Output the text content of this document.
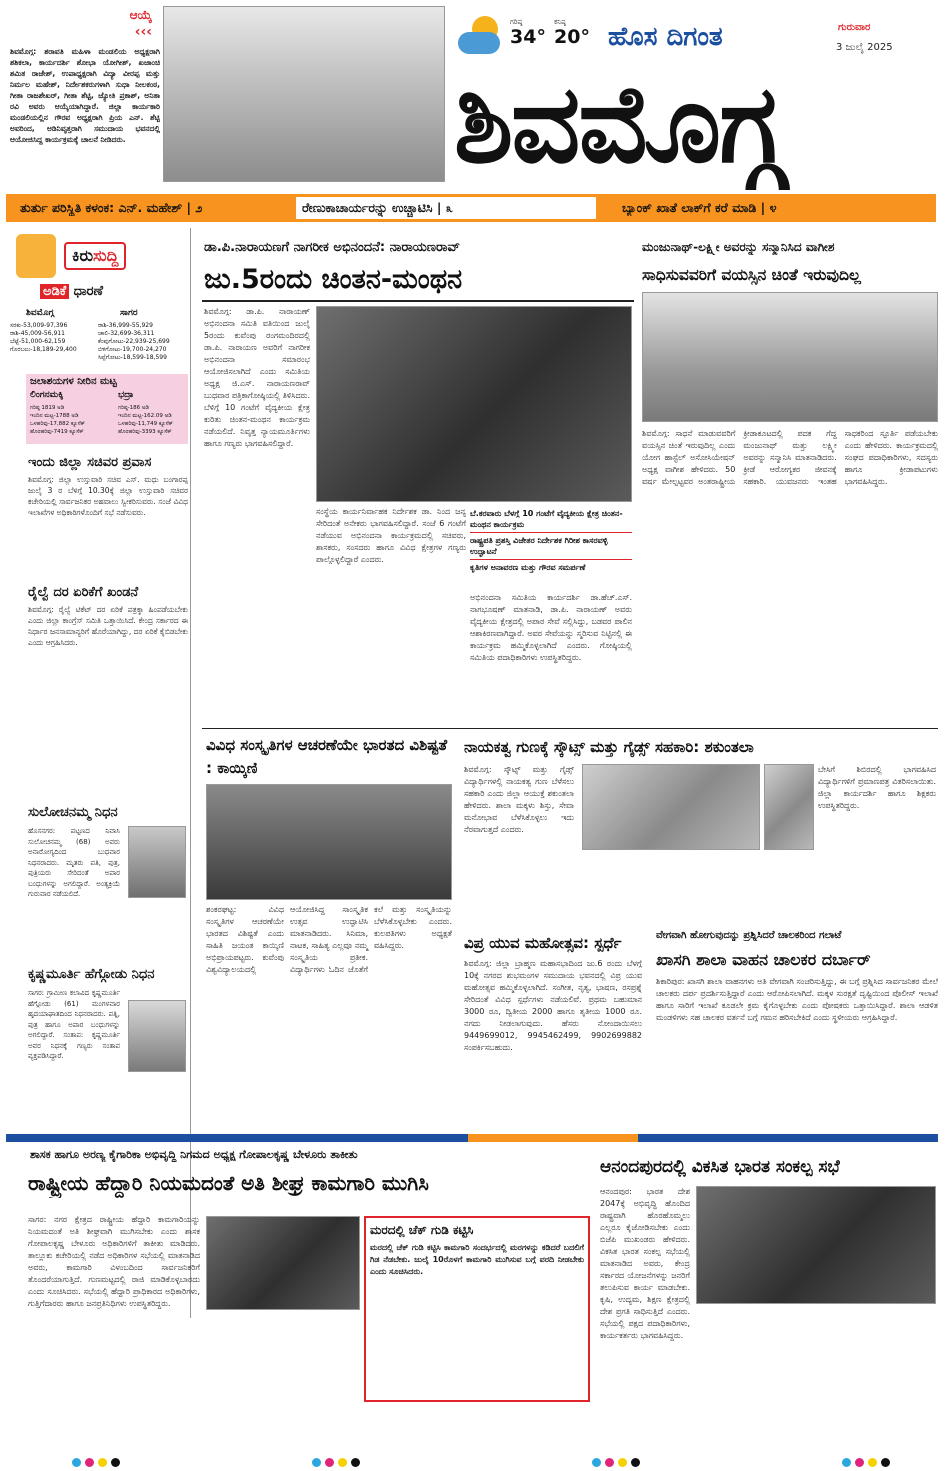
ಆಯ್ಕೆ
‹‹‹
ಶಿವಮೊಗ್ಗ: ಶರಾವತಿ ಮಹಿಳಾ ಮಂಡಲಿಯ ಅಧ್ಯಕ್ಷರಾಗಿ ಶಶಿಕಲಾ, ಕಾರ್ಯದರ್ಶಿ ಶೋಭಾ ಯೋಗೀಶ್, ಖಜಾಂಚಿ ಶಮಿತ ರಾಜೇಶ್, ಉಪಾಧ್ಯಕ್ಷರಾಗಿ ವಿದ್ಯಾ ವೀರಪ್ಪ ಮತ್ತು ನಿರ್ಮಲ ಮಹೇಶ್, ನಿರ್ದೇಶಕರುಗಳಾಗಿ ಸುಧಾ ನೀಲಕಂಠ, ಗೀತಾ ರಾಜಶೇಖರ್, ಗೀತಾ ಶೆಟ್ಟಿ, ಜ್ಯೋತಿ ಪ್ರಕಾಶ್, ಅನಿತಾ ರವಿ ಅವರು ಆಯ್ಕೆಯಾಗಿದ್ದಾರೆ. ಜಿಲ್ಲಾ ಕಾರ್ಯಕಾರಿ ಮಂಡಲಿಯಲ್ಲಿನ ಗೌರವ ಅಧ್ಯಕ್ಷರಾಗಿ ಪ್ರಿಯ ಎನ್. ಶೆಟ್ಟಿ ಅವರಿಂದ, ಅಡಿನಿವೃತ್ತರಾಗಿ ಸಮುದಾಯ ಭವನದಲ್ಲಿ ಆಯೋಜಿಸಿದ್ದ ಕಾರ್ಯಕ್ರಮಕ್ಕೆ ಚಾಲನೆ ನೀಡಿದರು.
ಗರಿಷ್ಠ
34°
ಕನಿಷ್ಠ
20° ಹೊಸ ದಿಗಂತ	ಗುರುವಾರ
3 ಜುಲೈ 2025
ಶಿವಮೊಗ್ಗ
ತುರ್ತು ಪರಿಸ್ಥಿತಿ ಕಳಂಕ: ಎನ್. ಮಹೇಶ್ | ೨	ರೇಣುಕಾಚಾರ್ಯರನ್ನು ಉಚ್ಚಾಟಿಸಿ | ೩	ಬ್ಯಾಂಕ್ ಖಾತೆ ಲಾಕ್‌ಗೆ ಕರೆ ಮಾಡಿ | ೪
ಕಿರುಸುದ್ದಿ
ಅಡಿಕೆ ಧಾರಣೆ
ಶಿವಮೊಗ್ಗ	ಸಾಗರ
ಸರಕು-53,009-97,396
ರಾಶಿ-45,009-56,911
ಬೆಟ್ಟೆ-51,000-62,159
ಗೊರಬಲು-18,189-29,400
ರಾಶಿ-36,999-55,929
ಚಾಲಿ-32,699-36,311
ಕೆಂಪುಗೋಟು-22,939-25,699
ಬಿಳಿಗೋಟು-19,700-24,270
ಸಿಪ್ಪೆಗೋಟು-18,599-18,599
ಜಲಾಶಯಗಳ ನೀರಿನ ಮಟ್ಟ
ಲಿಂಗನಮಕ್ಕಿ	ಭದ್ರಾ
ಗರಿಷ್ಠ 1819 ಅಡಿ
ಇಂದಿನ ಮಟ್ಟ-1788 ಅಡಿ
ಒಳಹರಿವು-17,882 ಕ್ಯೂಸೆಕ್
ಹೊರಹರಿವು-7419 ಕ್ಯೂಸೆಕ್
ಗರಿಷ್ಠ-186 ಅಡಿ
ಇಂದಿನ ಮಟ್ಟ-162.09 ಅಡಿ
ಒಳಹರಿವು-11,749 ಕ್ಯೂಸೆಕ್
ಹೊರಹರಿವು-3393 ಕ್ಯೂಸೆಕ್
ಇಂದು ಜಿಲ್ಲಾ ಸಚಿವರ ಪ್ರವಾಸ
ಶಿವಮೊಗ್ಗ: ಜಿಲ್ಲಾ ಉಸ್ತುವಾರಿ ಸಚಿವ ಎಸ್. ಮಧು ಬಂಗಾರಪ್ಪ ಜುಲೈ 3 ರ ಬೆಳಿಗ್ಗೆ 10.30ಕ್ಕೆ ಜಿಲ್ಲಾ ಉಸ್ತುವಾರಿ ಸಚಿವರ ಕಚೇರಿಯಲ್ಲಿ ಸಾರ್ವಜನಿಕರ ಅಹವಾಲು ಸ್ವೀಕರಿಸುವರು. ಸಂಜೆ ವಿವಿಧ ಇಲಾಖೆಗಳ ಅಧಿಕಾರಿಗಳೊಂದಿಗೆ ಸಭೆ ನಡೆಸುವರು.
ರೈಲ್ವೆ ದರ ಏರಿಕೆಗೆ ಖಂಡನೆ
ಶಿವಮೊಗ್ಗ: ರೈಲ್ವೆ ಟಿಕೆಟ್ ದರ ಏರಿಕೆ ಪತ್ರಕ್ಕಾ ಹಿಂಪಡೆಯಬೇಕು ಎಂದು ಜಿಲ್ಲಾ ಕಾಂಗ್ರೆಸ್ ಸಮಿತಿ ಒತ್ತಾಯಿಸಿದೆ. ಕೇಂದ್ರ ಸರ್ಕಾರದ ಈ ನಿರ್ಧಾರ ಜನಸಾಮಾನ್ಯರಿಗೆ ಹೊರೆಯಾಗಿದ್ದು, ದರ ಏರಿಕೆ ಕೈಬಿಡಬೇಕು ಎಂದು ಆಗ್ರಹಿಸಿದರು.
ಸುಲೋಚನಮ್ಮ ನಿಧನ
ಹೊಸನಗರ: ಪಟ್ಟಣದ ನಿವಾಸಿ ಸುಲೋಚನಮ್ಮ (68) ಅವರು ಅನಾರೋಗ್ಯದಿಂದ ಬುಧವಾರ ನಿಧನರಾದರು. ಮೃತರು ಪತಿ, ಪುತ್ರ, ಪುತ್ರಿಯರು ಸೇರಿದಂತೆ ಅಪಾರ ಬಂಧುಗಳನ್ನು ಅಗಲಿದ್ದಾರೆ. ಅಂತ್ಯಕ್ರಿಯೆ ಗುರುವಾರ ನಡೆಯಲಿದೆ.
ಕೃಷ್ಣಮೂರ್ತಿ ಹೆಗ್ಗೋಡು ನಿಧನ
ಸಾಗರ: ಗ್ರಾಮೀಣ ಕಲಾವಿದ ಕೃಷ್ಣಮೂರ್ತಿ ಹೆಗ್ಗೋಡು (61) ಮಂಗಳವಾರ ಹೃದಯಾಘಾತದಿಂದ ನಿಧನರಾದರು. ಪತ್ನಿ, ಪುತ್ರ ಹಾಗೂ ಅಪಾರ ಬಂಧುಗಳನ್ನು ಅಗಲಿದ್ದಾರೆ. ಸಂತಾಪ: ಕೃಷ್ಣಮೂರ್ತಿ ಅವರ ನಿಧನಕ್ಕೆ ಗಣ್ಯರು ಸಂತಾಪ ವ್ಯಕ್ತಪಡಿಸಿದ್ದಾರೆ.
ಡಾ.ಪಿ.ನಾರಾಯಣಗೆ ನಾಗರೀಕ ಅಭಿನಂದನೆ: ನಾರಾಯಣರಾವ್
ಜು.5ರಂದು ಚಿಂತನ-ಮಂಥನ
ಶಿವಮೊಗ್ಗ: ಡಾ.ಪಿ. ನಾರಾಯಣ್ ಅಭಿನಂದನಾ ಸಮಿತಿ ವತಿಯಿಂದ ಜುಲೈ 5ರಂದು ಕುವೆಂಪು ರಂಗಮಂದಿರದಲ್ಲಿ ಡಾ.ಪಿ. ನಾರಾಯಣ ಅವರಿಗೆ ನಾಗರೀಕ ಅಭಿನಂದನಾ ಸಮಾರಂಭ ಆಯೋಜಿಸಲಾಗಿದೆ ಎಂದು ಸಮಿತಿಯ ಅಧ್ಯಕ್ಷ ಜಿ.ಎಸ್. ನಾರಾಯಣರಾವ್ ಬುಧವಾರ ಪತ್ರಿಕಾಗೋಷ್ಠಿಯಲ್ಲಿ ತಿಳಿಸಿದರು. ಬೆಳಿಗ್ಗೆ 10 ಗಂಟೆಗೆ ವೈದ್ಯಕೀಯ ಕ್ಷೇತ್ರ ಕುರಿತು ಚಿಂತನ-ಮಂಥನ ಕಾರ್ಯಕ್ರಮ ನಡೆಯಲಿದೆ. ನಿವೃತ್ತ ನ್ಯಾಯಮೂರ್ತಿಗಳು ಹಾಗೂ ಗಣ್ಯರು ಭಾಗವಹಿಸಲಿದ್ದಾರೆ.
ಸಂಸ್ಥೆಯ ಕಾರ್ಯನಿರ್ವಾಹಕ ನಿರ್ದೇಶಕ ಡಾ. ನಿಂದ ಜನ್ಯ ಸೇರಿದಂತೆ ಅನೇಕರು ಭಾಗವಹಿಸಲಿದ್ದಾರೆ. ಸಂಜೆ 6 ಗಂಟೆಗೆ ನಡೆಯುವ ಅಭಿನಂದನಾ ಕಾರ್ಯಕ್ರಮದಲ್ಲಿ ಸಚಿವರು, ಶಾಸಕರು, ಸಂಸದರು ಹಾಗೂ ವಿವಿಧ ಕ್ಷೇತ್ರಗಳ ಗಣ್ಯರು ಪಾಲ್ಗೊಳ್ಳಲಿದ್ದಾರೆ ಎಂದರು.
ಬೆ.ಕರವಾರು ಬೆಳಗ್ಗೆ 10 ಗಂಟೆಗೆ ವೈದ್ಯಕೀಯ ಕ್ಷೇತ್ರ ಚಿಂತನ-ಮಂಥನ ಕಾರ್ಯಕ್ರಮ
ರಾಷ್ಟ್ರಪತಿ ಪ್ರಶಸ್ತಿ ವಿಜೇತರ ನಿರ್ದೇಶಕ ಗಿರೀಶ ಕಾಸರವಳ್ಳಿ ಉದ್ಘಾಟನೆ
ಕೃತಿಗಳ ಅನಾವರಣ ಮತ್ತು ಗೌರವ ಸಮರ್ಪಣೆ
ಅಭಿನಂದನಾ ಸಮಿತಿಯ ಕಾರ್ಯದರ್ಶಿ ಡಾ.ಹೆಚ್.ಎಸ್. ನಾಗಭೂಷಣ್ ಮಾತನಾಡಿ, ಡಾ.ಪಿ. ನಾರಾಯಣ್ ಅವರು ವೈದ್ಯಕೀಯ ಕ್ಷೇತ್ರದಲ್ಲಿ ಅಪಾರ ಸೇವೆ ಸಲ್ಲಿಸಿದ್ದು, ಬಡವರ ಪಾಲಿನ ಆಶಾಕಿರಣವಾಗಿದ್ದಾರೆ. ಅವರ ಸೇವೆಯನ್ನು ಸ್ಮರಿಸುವ ನಿಟ್ಟಿನಲ್ಲಿ ಈ ಕಾರ್ಯಕ್ರಮ ಹಮ್ಮಿಕೊಳ್ಳಲಾಗಿದೆ ಎಂದರು. ಗೋಷ್ಠಿಯಲ್ಲಿ ಸಮಿತಿಯ ಪದಾಧಿಕಾರಿಗಳು ಉಪಸ್ಥಿತರಿದ್ದರು.
ಮಂಜುನಾಥ್-ಲಕ್ಷ್ಮೀ ಅವರನ್ನು ಸನ್ಮಾನಿಸಿದ ವಾಗೀಶ
ಸಾಧಿಸುವವರಿಗೆ ವಯಸ್ಸಿನ ಚಿಂತೆ ಇರುವುದಿಲ್ಲ
ಶಿವಮೊಗ್ಗ: ಸಾಧನೆ ಮಾಡುವವರಿಗೆ ವಯಸ್ಸಿನ ಚಿಂತೆ ಇರುವುದಿಲ್ಲ ಎಂದು ಯೋಗ ಹಾಸ್ಟೆಲ್ ಅಸೋಸಿಯೇಷನ್ ಅಧ್ಯಕ್ಷ ವಾಗೀಶ ಹೇಳಿದರು. 50 ವರ್ಷ ಮೇಲ್ಪಟ್ಟವರ ಅಂತರಾಷ್ಟ್ರೀಯ ಕ್ರೀಡಾಕೂಟದಲ್ಲಿ ಪದಕ ಗೆದ್ದ ಮಂಜುನಾಥ್ ಮತ್ತು ಲಕ್ಷ್ಮೀ ಅವರನ್ನು ಸನ್ಮಾನಿಸಿ ಮಾತನಾಡಿದರು. ಕ್ರೀಡೆ ಆರೋಗ್ಯಕರ ಜೀವನಕ್ಕೆ ಸಹಕಾರಿ. ಯುವಜನರು ಇಂತಹ ಸಾಧಕರಿಂದ ಸ್ಫೂರ್ತಿ ಪಡೆಯಬೇಕು ಎಂದು ಹೇಳಿದರು. ಕಾರ್ಯಕ್ರಮದಲ್ಲಿ ಸಂಘದ ಪದಾಧಿಕಾರಿಗಳು, ಸದಸ್ಯರು ಹಾಗೂ ಕ್ರೀಡಾಪಟುಗಳು ಭಾಗವಹಿಸಿದ್ದರು.
ವಿವಿಧ ಸಂಸ್ಕೃತಿಗಳ ಆಚರಣೆಯೇ ಭಾರತದ ವಿಶಿಷ್ಟತೆ : ಕಾಯ್ಕಿಣಿ
ಶಂಕರಘಟ್ಟ: ವಿವಿಧ ಸಂಸ್ಕೃತಿಗಳ ಆಚರಣೆಯೇ ಭಾರತದ ವಿಶಿಷ್ಟತೆ ಎಂದು ಸಾಹಿತಿ ಜಯಂತ ಕಾಯ್ಕಿಣಿ ಅಭಿಪ್ರಾಯಪಟ್ಟರು. ಕುವೆಂಪು ವಿಶ್ವವಿದ್ಯಾಲಯದಲ್ಲಿ ಆಯೋಜಿಸಿದ್ದ ಸಾಂಸ್ಕೃತಿಕ ಉತ್ಸವ ಉದ್ಘಾಟಿಸಿ ಮಾತನಾಡಿದರು. ಸಿನಿಮಾ, ನಾಟಕ, ಸಾಹಿತ್ಯ ಎಲ್ಲವೂ ನಮ್ಮ ಸಂಸ್ಕೃತಿಯ ಪ್ರತೀಕ. ವಿದ್ಯಾರ್ಥಿಗಳು ಓದಿನ ಜೊತೆಗೆ ಕಲೆ ಮತ್ತು ಸಂಸ್ಕೃತಿಯನ್ನು ಬೆಳೆಸಿಕೊಳ್ಳಬೇಕು ಎಂದರು. ಕುಲಪತಿಗಳು ಅಧ್ಯಕ್ಷತೆ ವಹಿಸಿದ್ದರು.
ನಾಯಕತ್ವ ಗುಣಕ್ಕೆ ಸ್ಕೌಟ್ಸ್ ಮತ್ತು ಗೈಡ್ಸ್ ಸಹಕಾರಿ: ಶಕುಂತಲಾ
ಶಿವಮೊಗ್ಗ: ಸ್ಕೌಟ್ಸ್ ಮತ್ತು ಗೈಡ್ಸ್ ವಿದ್ಯಾರ್ಥಿಗಳಲ್ಲಿ ನಾಯಕತ್ವ ಗುಣ ಬೆಳೆಸಲು ಸಹಕಾರಿ ಎಂದು ಜಿಲ್ಲಾ ಆಯುಕ್ತೆ ಶಕುಂತಲಾ ಹೇಳಿದರು. ಶಾಲಾ ಮಕ್ಕಳು ಶಿಸ್ತು, ಸೇವಾ ಮನೋಭಾವ ಬೆಳೆಸಿಕೊಳ್ಳಲು ಇದು ನೆರವಾಗುತ್ತದೆ ಎಂದರು.
ಬೇಸಿಗೆ ಶಿಬಿರದಲ್ಲಿ ಭಾಗವಹಿಸಿದ ವಿದ್ಯಾರ್ಥಿಗಳಿಗೆ ಪ್ರಮಾಣಪತ್ರ ವಿತರಿಸಲಾಯಿತು. ಜಿಲ್ಲಾ ಕಾರ್ಯದರ್ಶಿ ಹಾಗೂ ಶಿಕ್ಷಕರು ಉಪಸ್ಥಿತರಿದ್ದರು.
ವಿಪ್ರ ಯುವ ಮಹೋತ್ಸವ: ಸ್ಪರ್ಧೆ
ಶಿವಮೊಗ್ಗ: ಜಿಲ್ಲಾ ಬ್ರಾಹ್ಮಣ ಮಹಾಸಭಾದಿಂದ ಜು.6 ರಂದು ಬೆಳಗ್ಗೆ 10ಕ್ಕೆ ನಗರದ ಶುಭಮಂಗಳ ಸಮುದಾಯ ಭವನದಲ್ಲಿ ವಿಪ್ರ ಯುವ ಮಹೋತ್ಸವ ಹಮ್ಮಿಕೊಳ್ಳಲಾಗಿದೆ. ಸಂಗೀತ, ನೃತ್ಯ, ಭಾಷಣ, ರಸಪ್ರಶ್ನೆ ಸೇರಿದಂತೆ ವಿವಿಧ ಸ್ಪರ್ಧೆಗಳು ನಡೆಯಲಿವೆ. ಪ್ರಥಮ ಬಹುಮಾನ 3000 ರೂ, ದ್ವಿತೀಯ 2000 ಹಾಗೂ ತೃತೀಯ 1000 ರೂ. ನಗದು ನೀಡಲಾಗುವುದು. ಹೆಸರು ನೋಂದಾಯಿಸಲು 9449699012, 9945462499, 9902699882 ಸಂಪರ್ಕಿಸಬಹುದು.
ವೇಗವಾಗಿ ಹೋಗುವುದನ್ನು ಪ್ರಶ್ನಿಸಿದರೆ ಚಾಲಕರಿಂದ ಗಲಾಟೆ
ಖಾಸಗಿ ಶಾಲಾ ವಾಹನ ಚಾಲಕರ ದರ್ಬಾರ್
ಶಿಕಾರಿಪುರ: ಖಾಸಗಿ ಶಾಲಾ ವಾಹನಗಳು ಅತಿ ವೇಗವಾಗಿ ಸಂಚರಿಸುತ್ತಿದ್ದು, ಈ ಬಗ್ಗೆ ಪ್ರಶ್ನಿಸಿದ ಸಾರ್ವಜನಿಕರ ಮೇಲೆ ಚಾಲಕರು ದರ್ಪ ಪ್ರದರ್ಶಿಸುತ್ತಿದ್ದಾರೆ ಎಂದು ಆರೋಪಿಸಲಾಗಿದೆ. ಮಕ್ಕಳ ಸುರಕ್ಷತೆ ದೃಷ್ಟಿಯಿಂದ ಪೊಲೀಸ್ ಇಲಾಖೆ ಹಾಗೂ ಸಾರಿಗೆ ಇಲಾಖೆ ಕೂಡಲೇ ಕ್ರಮ ಕೈಗೊಳ್ಳಬೇಕು ಎಂದು ಪೋಷಕರು ಒತ್ತಾಯಿಸಿದ್ದಾರೆ. ಶಾಲಾ ಆಡಳಿತ ಮಂಡಳಿಗಳು ಸಹ ಚಾಲಕರ ವರ್ತನೆ ಬಗ್ಗೆ ಗಮನ ಹರಿಸಬೇಕಿದೆ ಎಂದು ಸ್ಥಳೀಯರು ಆಗ್ರಹಿಸಿದ್ದಾರೆ.
ಶಾಸಕ ಹಾಗೂ ಅರಣ್ಯ ಕೈಗಾರಿಕಾ ಅಭಿವೃದ್ಧಿ ನಿಗಮದ ಅಧ್ಯಕ್ಷ ಗೋಪಾಲಕೃಷ್ಣ ಬೇಳೂರು ತಾಕೀತು
ರಾಷ್ಟ್ರೀಯ ಹೆದ್ದಾರಿ ನಿಯಮದಂತೆ ಅತಿ ಶೀಘ್ರ ಕಾಮಗಾರಿ ಮುಗಿಸಿ
ಸಾಗರ: ನಗರ ಕ್ಷೇತ್ರದ ರಾಷ್ಟ್ರೀಯ ಹೆದ್ದಾರಿ ಕಾಮಗಾರಿಯನ್ನು ನಿಯಮದಂತೆ ಅತಿ ಶೀಘ್ರವಾಗಿ ಮುಗಿಸಬೇಕು ಎಂದು ಶಾಸಕ ಗೋಪಾಲಕೃಷ್ಣ ಬೇಳೂರು ಅಧಿಕಾರಿಗಳಿಗೆ ತಾಕೀತು ಮಾಡಿದರು. ತಾಲ್ಲೂಕು ಕಚೇರಿಯಲ್ಲಿ ನಡೆದ ಅಧಿಕಾರಿಗಳ ಸಭೆಯಲ್ಲಿ ಮಾತನಾಡಿದ ಅವರು, ಕಾಮಗಾರಿ ವಿಳಂಬದಿಂದ ಸಾರ್ವಜನಿಕರಿಗೆ ತೊಂದರೆಯಾಗುತ್ತಿದೆ. ಗುಣಮಟ್ಟದಲ್ಲಿ ರಾಜಿ ಮಾಡಿಕೊಳ್ಳಬಾರದು ಎಂದು ಸೂಚಿಸಿದರು. ಸಭೆಯಲ್ಲಿ ಹೆದ್ದಾರಿ ಪ್ರಾಧಿಕಾರದ ಅಧಿಕಾರಿಗಳು, ಗುತ್ತಿಗೆದಾರರು ಹಾಗೂ ಜನಪ್ರತಿನಿಧಿಗಳು ಉಪಸ್ಥಿತರಿದ್ದರು.
ಮರದಲ್ಲಿ ಚೆಕ್ ಗುಡಿ ಕಟ್ಟಿಸಿ
ಮರದಲ್ಲಿ ಚೆಕ್ ಗುಡಿ ಕಟ್ಟಿಸಿ ಕಾಮಗಾರಿ ಸಂದರ್ಭದಲ್ಲಿ ಮರಗಳನ್ನು ಕಡಿದರೆ ಬದಲಿಗೆ ಗಿಡ ನೆಡಬೇಕು. ಜುಲೈ 10ರೊಳಗೆ ಕಾಮಗಾರಿ ಮುಗಿಸುವ ಬಗ್ಗೆ ವರದಿ ನೀಡಬೇಕು ಎಂದು ಸೂಚಿಸಿದರು.
ಆನಂದಪುರದಲ್ಲಿ ವಿಕಸಿತ ಭಾರತ ಸಂಕಲ್ಪ ಸಭೆ
ಆನಂದಪುರ: ಭಾರತ ದೇಶ 2047ಕ್ಕೆ ಅಭಿವೃದ್ಧಿ ಹೊಂದಿದ ರಾಷ್ಟ್ರವಾಗಿ ಹೊರಹೊಮ್ಮಲು ಎಲ್ಲರೂ ಕೈಜೋಡಿಸಬೇಕು ಎಂದು ಬಿಜೆಪಿ ಮುಖಂಡರು ಹೇಳಿದರು. ವಿಕಸಿತ ಭಾರತ ಸಂಕಲ್ಪ ಸಭೆಯಲ್ಲಿ ಮಾತನಾಡಿದ ಅವರು, ಕೇಂದ್ರ ಸರ್ಕಾರದ ಯೋಜನೆಗಳನ್ನು ಜನರಿಗೆ ತಲುಪಿಸುವ ಕಾರ್ಯ ಮಾಡಬೇಕು. ಕೃಷಿ, ಉದ್ಯಮ, ಶಿಕ್ಷಣ ಕ್ಷೇತ್ರದಲ್ಲಿ ದೇಶ ಪ್ರಗತಿ ಸಾಧಿಸುತ್ತಿದೆ ಎಂದರು. ಸಭೆಯಲ್ಲಿ ಪಕ್ಷದ ಪದಾಧಿಕಾರಿಗಳು, ಕಾರ್ಯಕರ್ತರು ಭಾಗವಹಿಸಿದ್ದರು.
